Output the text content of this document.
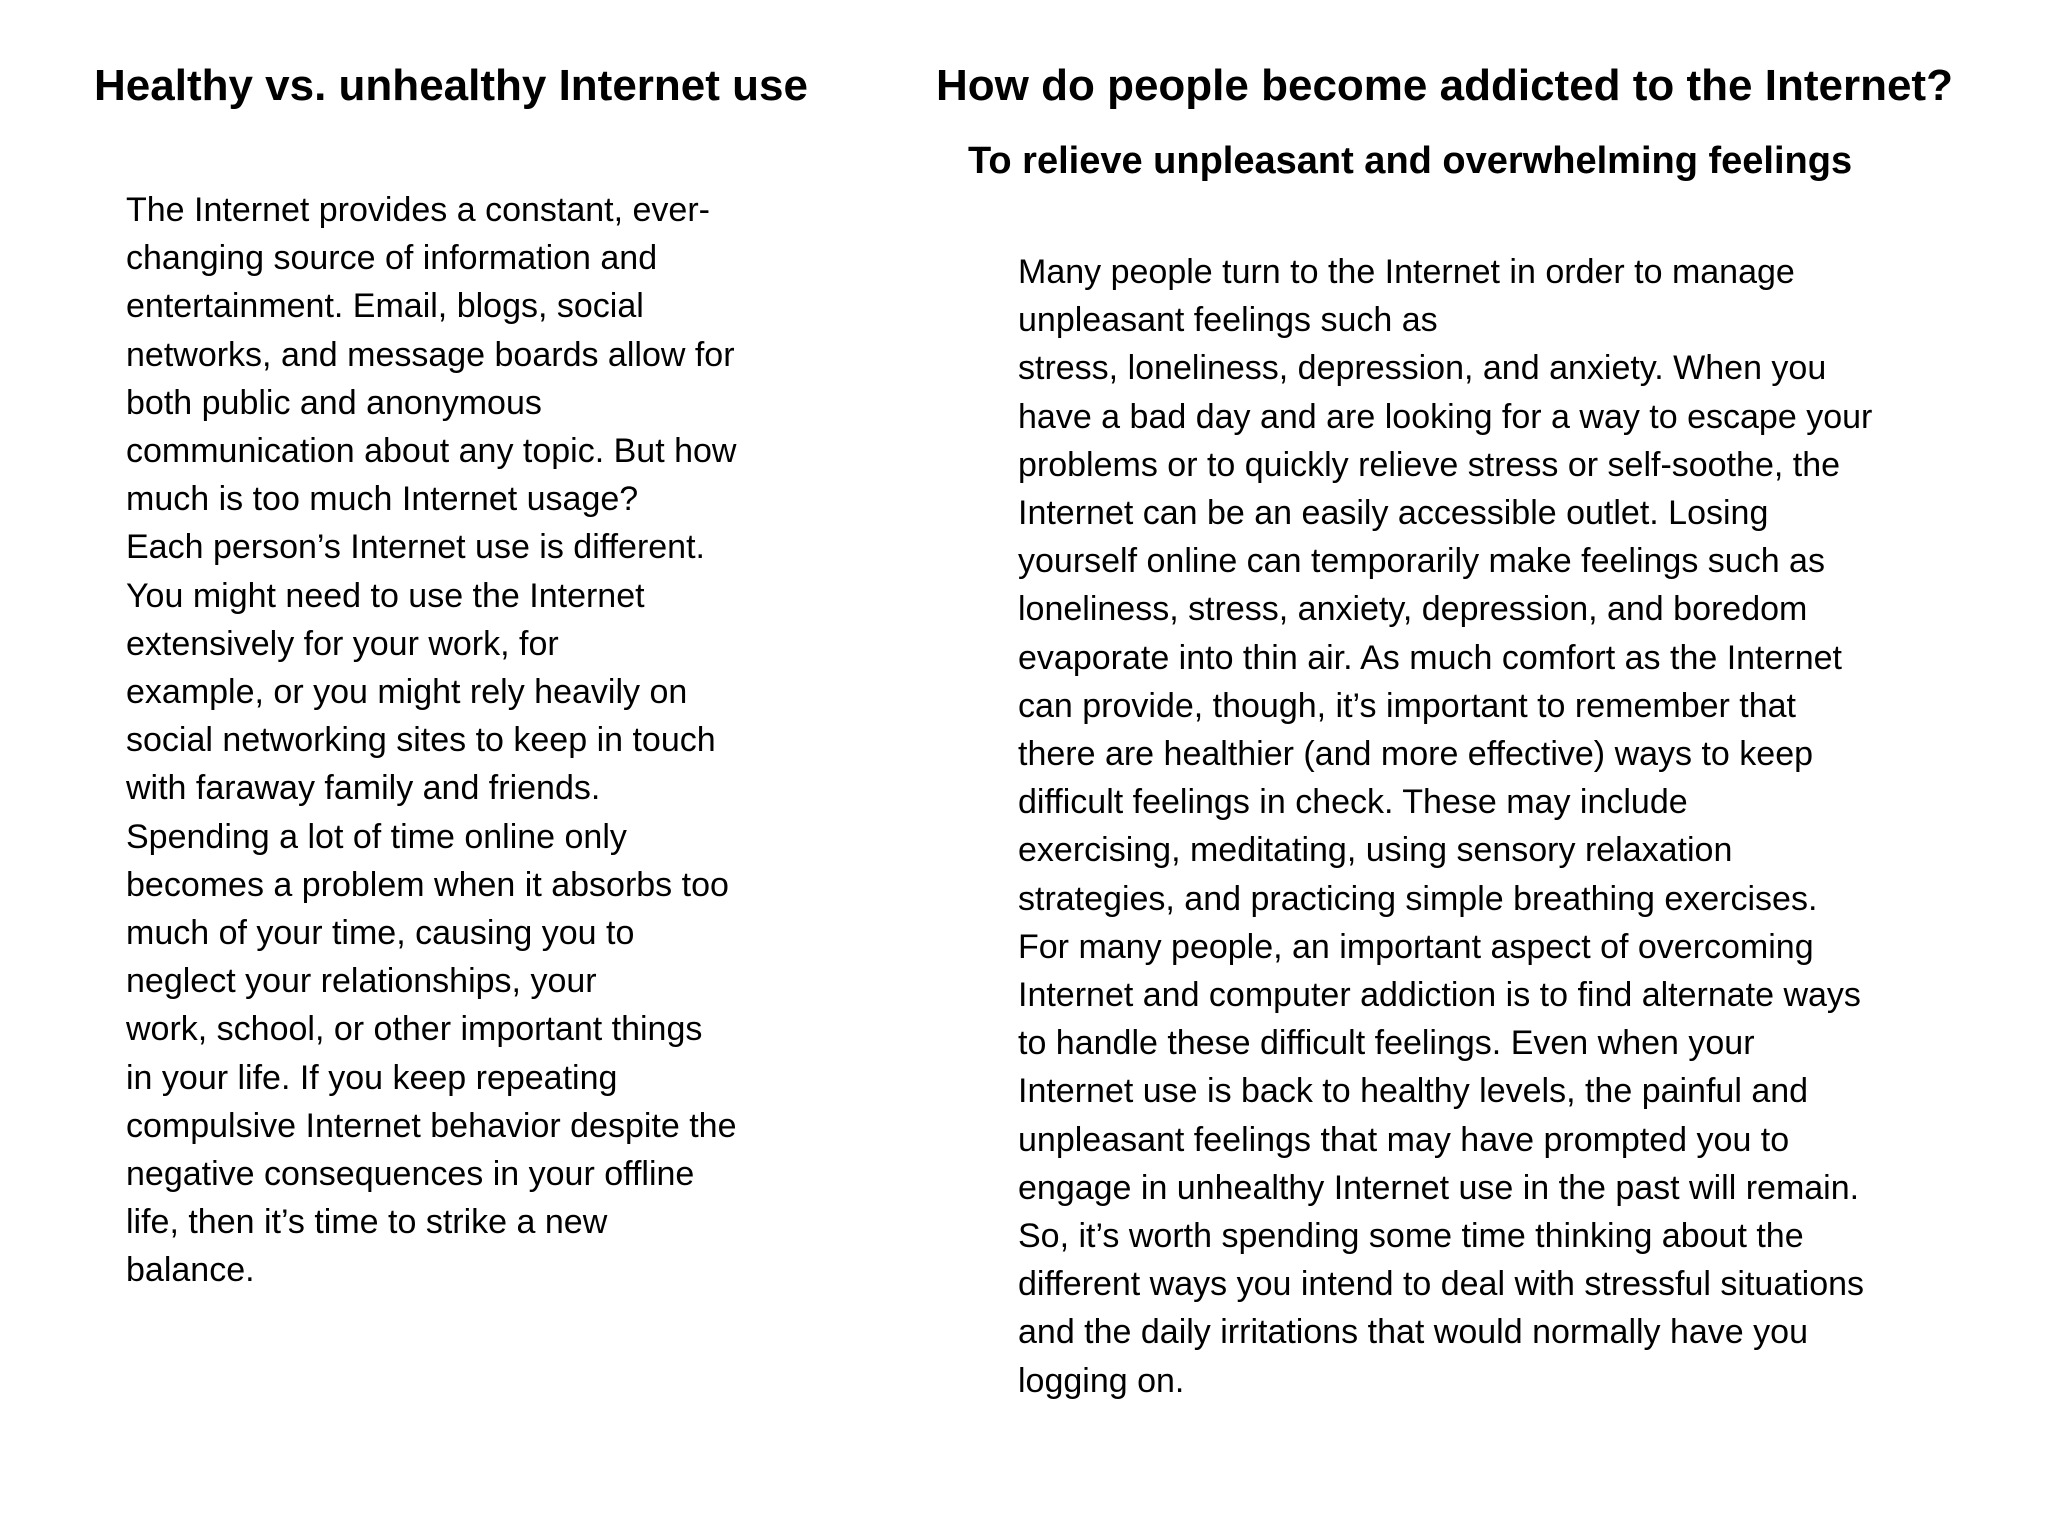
Healthy vs. unhealthy Internet use
The Internet provides a constant, ever-
changing source of information and
entertainment. Email, blogs, social
networks, and message boards allow for
both public and anonymous
communication about any topic. But how
much is too much Internet usage?
Each person’s Internet use is different.
You might need to use the Internet
extensively for your work, for
example, or you might rely heavily on
social networking sites to keep in touch
with faraway family and friends.
Spending a lot of time online only
becomes a problem when it absorbs too
much of your time, causing you to
neglect your relationships, your
work, school, or other important things
in your life. If you keep repeating
compulsive Internet behavior despite the
negative consequences in your offline
life, then it’s time to strike a new
balance.
How do people become addicted to the Internet?
To relieve unpleasant and overwhelming feelings
Many people turn to the Internet in order to manage
unpleasant feelings such as
stress, loneliness, depression, and anxiety. When you
have a bad day and are looking for a way to escape your
problems or to quickly relieve stress or self-soothe, the
Internet can be an easily accessible outlet. Losing
yourself online can temporarily make feelings such as
loneliness, stress, anxiety, depression, and boredom
evaporate into thin air. As much comfort as the Internet
can provide, though, it’s important to remember that
there are healthier (and more effective) ways to keep
difficult feelings in check. These may include
exercising, meditating, using sensory relaxation
strategies, and practicing simple breathing exercises.
For many people, an important aspect of overcoming
Internet and computer addiction is to find alternate ways
to handle these difficult feelings. Even when your
Internet use is back to healthy levels, the painful and
unpleasant feelings that may have prompted you to
engage in unhealthy Internet use in the past will remain.
So, it’s worth spending some time thinking about the
different ways you intend to deal with stressful situations
and the daily irritations that would normally have you
logging on.
